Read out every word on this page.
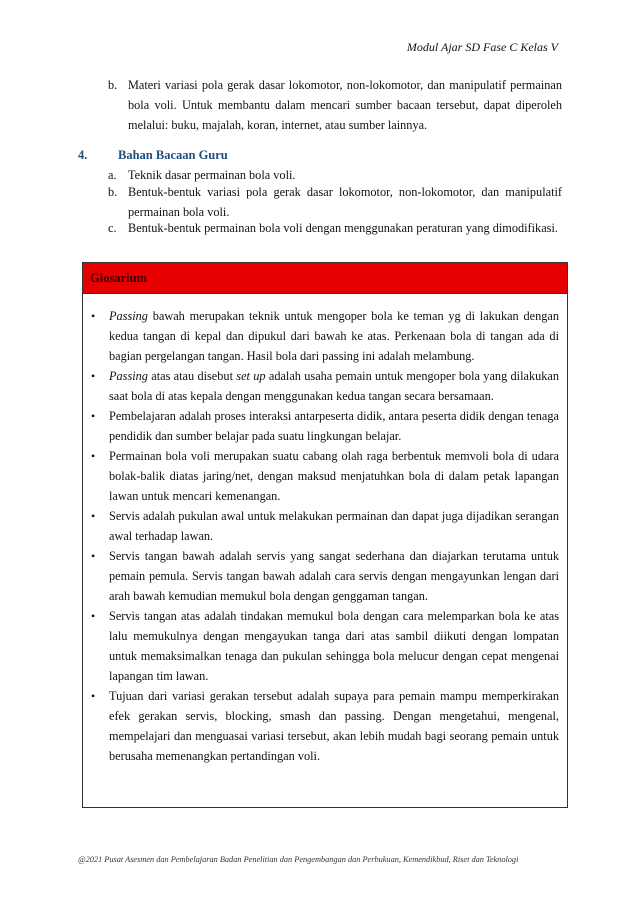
Modul Ajar SD Fase C Kelas V
b. Materi variasi pola gerak dasar lokomotor, non-lokomotor, dan manipulatif permainan bola voli. Untuk membantu dalam mencari sumber bacaan tersebut, dapat diperoleh melalui: buku, majalah, koran, internet, atau sumber lainnya.
4. Bahan Bacaan Guru
a. Teknik dasar permainan bola voli.
b. Bentuk-bentuk variasi pola gerak dasar lokomotor, non-lokomotor, dan manipulatif permainan bola voli.
c. Bentuk-bentuk permainan bola voli dengan menggunakan peraturan yang dimodifikasi.
Glosarium
• Passing bawah merupakan teknik untuk mengoper bola ke teman yg di lakukan dengan kedua tangan di kepal dan dipukul dari bawah ke atas. Perkenaan bola di tangan ada di bagian pergelangan tangan. Hasil bola dari passing ini adalah melambung.
• Passing atas atau disebut set up adalah usaha pemain untuk mengoper bola yang dilakukan saat bola di atas kepala dengan menggunakan kedua tangan secara bersamaan.
• Pembelajaran adalah proses interaksi antarpeserta didik, antara peserta didik dengan tenaga pendidik dan sumber belajar pada suatu lingkungan belajar.
• Permainan bola voli merupakan suatu cabang olah raga berbentuk memvoli bola di udara bolak-balik diatas jaring/net, dengan maksud menjatuhkan bola di dalam petak lapangan lawan untuk mencari kemenangan.
• Servis adalah pukulan awal untuk melakukan permainan dan dapat juga dijadikan serangan awal terhadap lawan.
• Servis tangan bawah adalah servis yang sangat sederhana dan diajarkan terutama untuk pemain pemula. Servis tangan bawah adalah cara servis dengan mengayunkan lengan dari arah bawah kemudian memukul bola dengan genggaman tangan.
• Servis tangan atas adalah tindakan memukul bola dengan cara melemparkan bola ke atas lalu memukulnya dengan mengayukan tanga dari atas sambil diikuti dengan lompatan untuk memaksimalkan tenaga dan pukulan sehingga bola melucur dengan cepat mengenai lapangan tim lawan.
• Tujuan dari variasi gerakan tersebut adalah supaya para pemain mampu memperkirakan efek gerakan servis, blocking, smash dan passing. Dengan mengetahui, mengenal, mempelajari dan menguasai variasi tersebut, akan lebih mudah bagi seorang pemain untuk berusaha memenangkan pertandingan voli.
@2021 Pusat Asesmen dan Pembelajaran Badan Penelitian dan Pengembangan dan Perbukuan, Kemendikbud, Riset dan Teknologi
